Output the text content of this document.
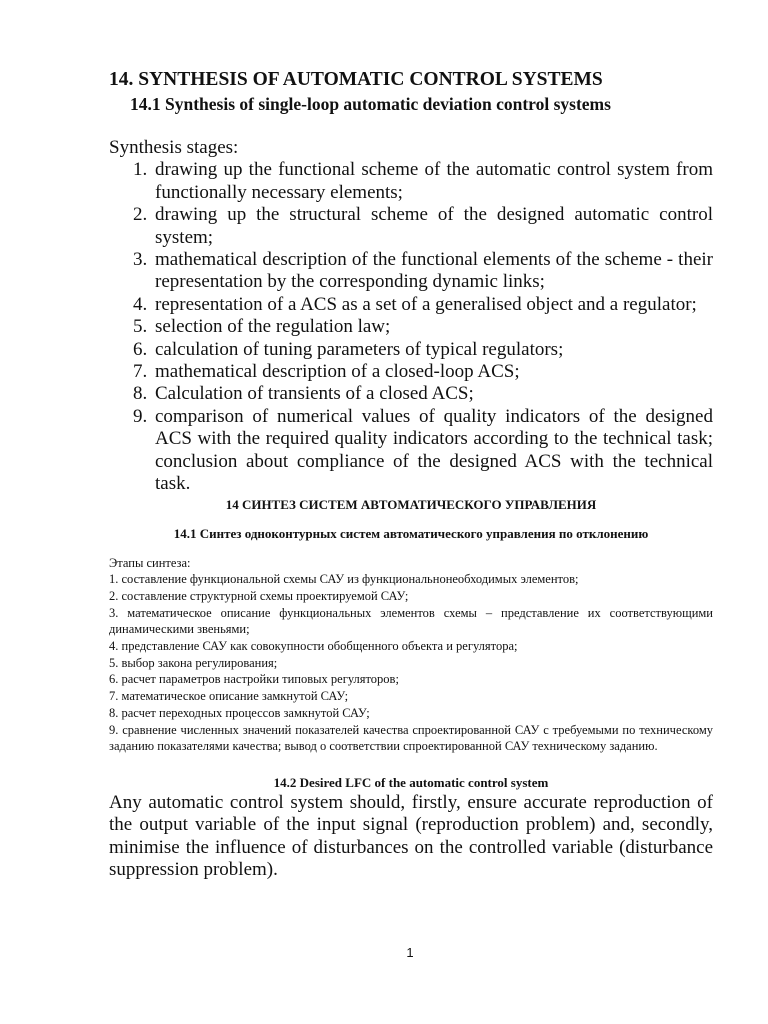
14. SYNTHESIS OF AUTOMATIC CONTROL SYSTEMS
14.1 Synthesis of single-loop automatic deviation control systems
Synthesis stages:
1. drawing up the functional scheme of the automatic control system from functionally necessary elements;
2. drawing up the structural scheme of the designed automatic control system;
3. mathematical description of the functional elements of the scheme - their representation by the corresponding dynamic links;
4. representation of a ACS as a set of a generalised object and a regulator;
5. selection of the regulation law;
6. calculation of tuning parameters of typical regulators;
7. mathematical description of a closed-loop ACS;
8. Calculation of transients of a closed ACS;
9. comparison of numerical values of quality indicators of the designed ACS with the required quality indicators according to the technical task; conclusion about compliance of the designed ACS with the technical task.
14 СИНТЕЗ СИСТЕМ АВТОМАТИЧЕСКОГО УПРАВЛЕНИЯ
14.1 Синтез одноконтурных систем автоматического управления по отклонению
Этапы синтеза:
1. составление функциональной схемы САУ из функциональнонеобходимых элементов;
2. составление структурной схемы проектируемой САУ;
3. математическое описание функциональных элементов схемы – представление их соответствующими динамическими звеньями;
4. представление САУ как совокупности обобщенного объекта и регулятора;
5. выбор закона регулирования;
6. расчет параметров настройки типовых регуляторов;
7. математическое описание замкнутой САУ;
8. расчет переходных процессов замкнутой САУ;
9. сравнение численных значений показателей качества спроектированной САУ с требуемыми по техническому заданию показателями качества; вывод о соответствии спроектированной САУ техническому заданию.
14.2 Desired LFC of the automatic control system

Any automatic control system should, firstly, ensure accurate reproduction of the output variable of the input signal (reproduction problem) and, secondly, minimise the influence of disturbances on the controlled variable (disturbance suppression problem).

1
